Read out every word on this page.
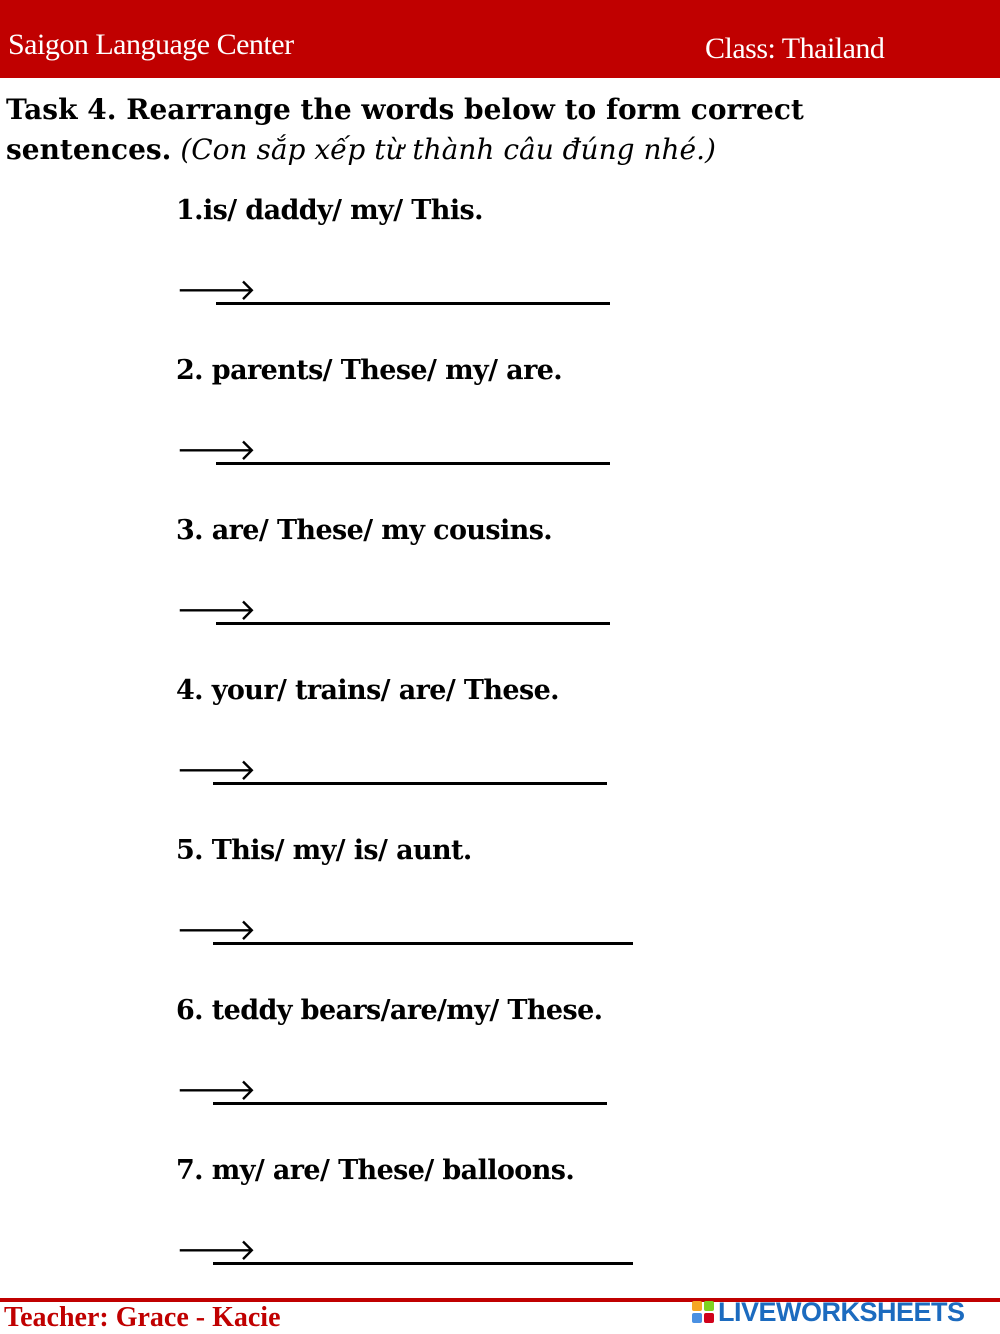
Saigon Language Center	Class: Thailand
Task 4. Rearrange the words below to form correct
sentences. (Con sắp xếp từ thành câu đúng nhé.)
1.is/ daddy/ my/ This.
🡒
2. parents/ These/ my/ are.
🡒
3. are/ These/ my cousins.
🡒
4. your/ trains/ are/ These.
🡒
5. This/ my/ is/ aunt.
🡒
6. teddy bears/are/my/ These.
🡒
7. my/ are/ These/ balloons.
🡒
Teacher: Grace - Kacie	LIVEWORKSHEETS
